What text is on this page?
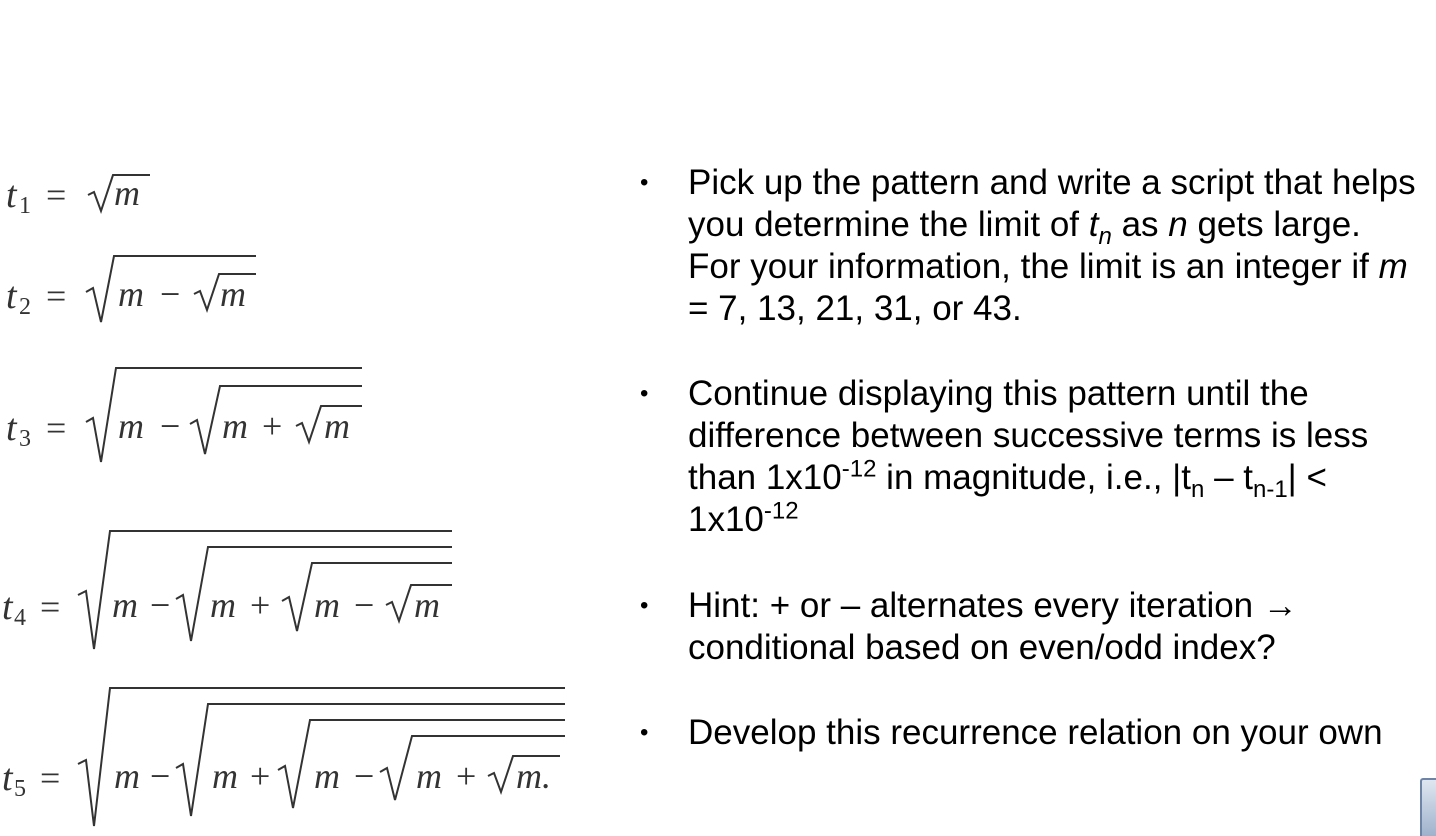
t 1 = m
t 2 = m − m
t 3 = m − m + m
t 4 = m − m + m − m
t 5 = m − m + m − m + m.
• Pick up the pattern and write a script that helps you determine the limit of $t_n$ as n gets large. For your information, the limit is an integer if m = 7, 13, 21, 31, or 43.
• Continue displaying this pattern until the difference between successive terms is less than $1x10^{-12}$ in magnitude, i.e., $|t_n - t_{n-1}| < 1x10^{-12}$
• Hint: + or – alternates every iteration → conditional based on even/odd index?
• Develop this recurrence relation on your own
